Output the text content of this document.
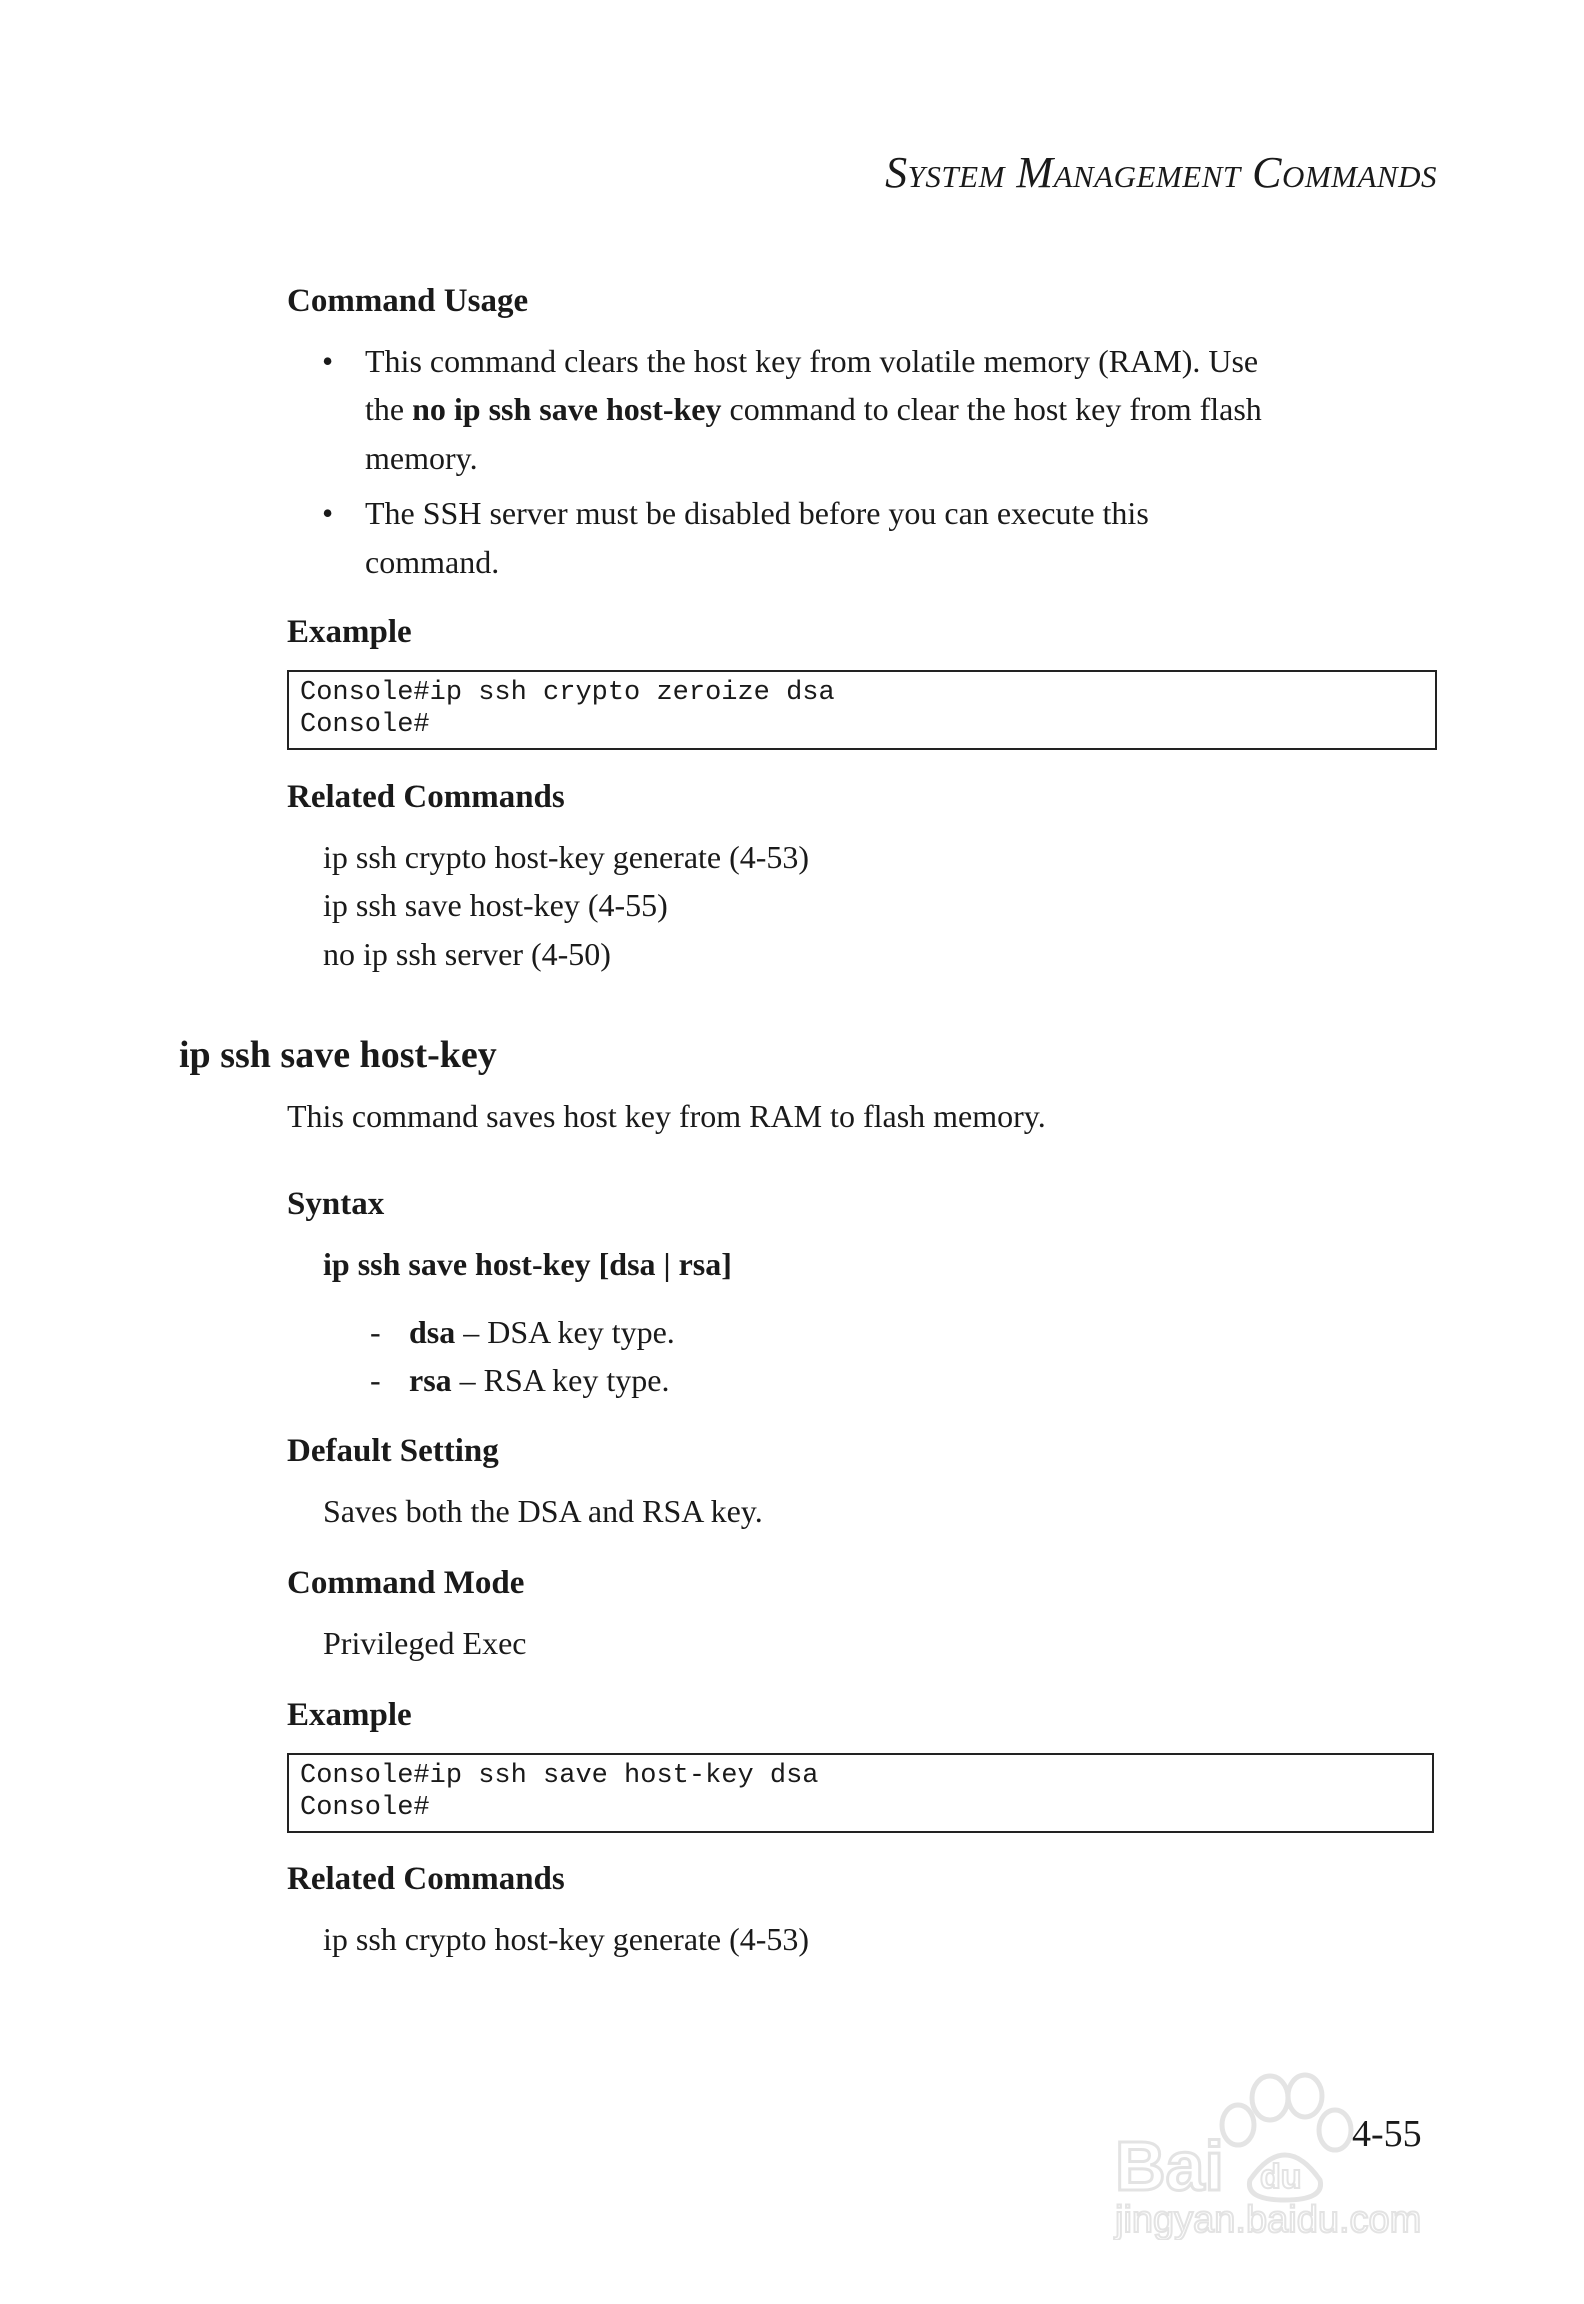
System Management Commands
Command Usage
• This command clears the host key from volatile memory (RAM). Use
the no ip ssh save host-key command to clear the host key from flash
memory.
• The SSH server must be disabled before you can execute this
command.
Example
Console#ip ssh crypto zeroize dsa
Console#
Related Commands
ip ssh crypto host-key generate (4-53)
ip ssh save host-key (4-55)
no ip ssh server (4-50)
ip ssh save host-key
This command saves host key from RAM to flash memory.
Syntax
ip ssh save host-key [dsa | rsa]
- dsa – DSA key type.
- rsa – RSA key type.
Default Setting
Saves both the DSA and RSA key.
Command Mode
Privileged Exec
Example
Console#ip ssh save host-key dsa
Console#
Related Commands
ip ssh crypto host-key generate (4-53)
Bai du
jingyan.baidu.com
4-55
